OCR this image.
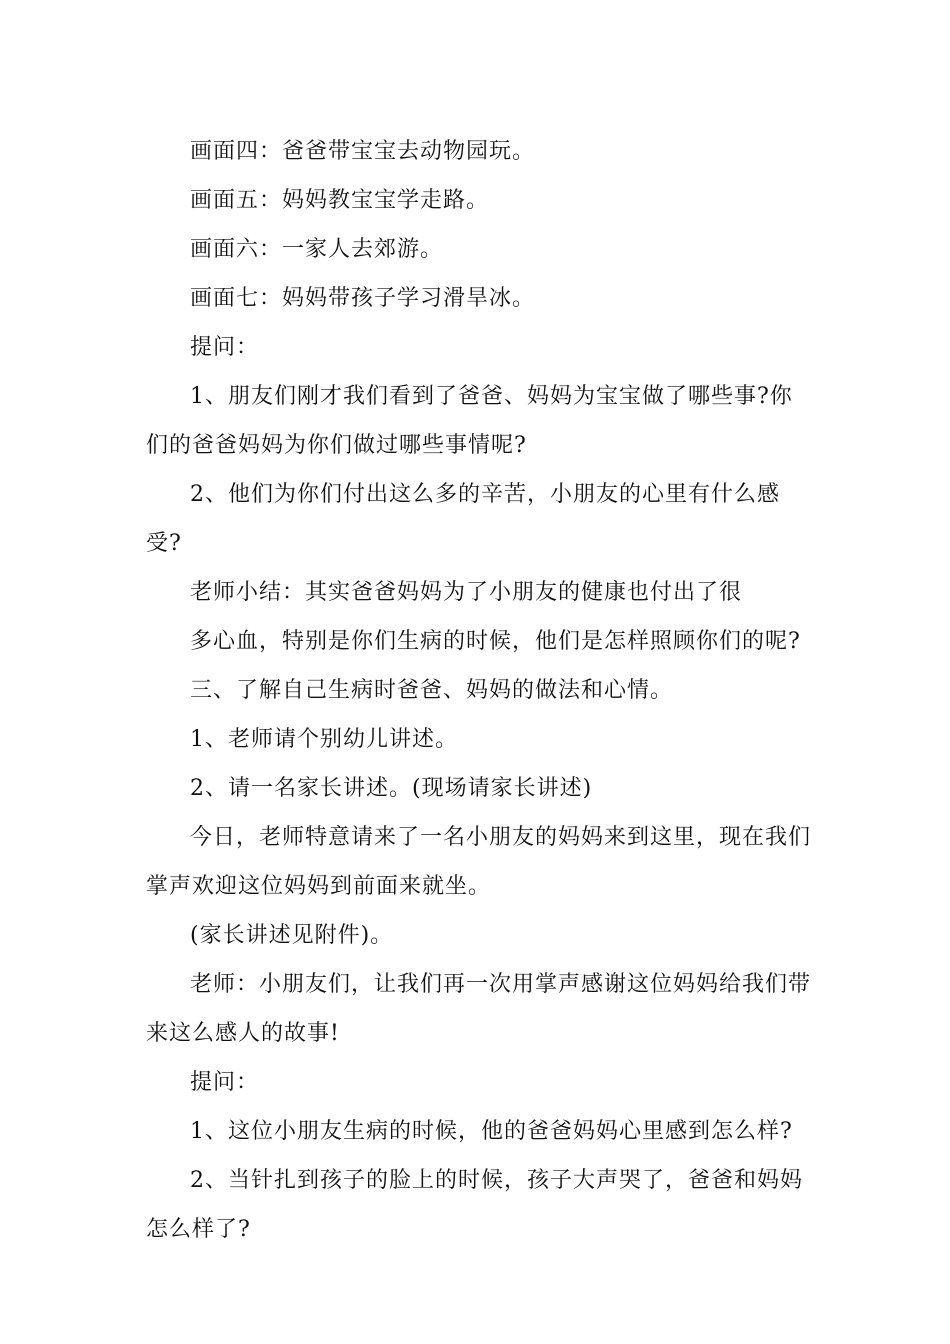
画面四：爸爸带宝宝去动物园玩。

画面五：妈妈教宝宝学走路。

画面六：一家人去郊游。

画面七：妈妈带孩子学习滑旱冰。

提问：

1、朋友们刚才我们看到了爸爸、妈妈为宝宝做了哪些事?你们的爸爸妈妈为你们做过哪些事情呢?

2、他们为你们付出这么多的辛苦，小朋友的心里有什么感受?

老师小结：其实爸爸妈妈为了小朋友的健康也付出了很

多心血，特别是你们生病的时候，他们是怎样照顾你们的呢?

三、了解自己生病时爸爸、妈妈的做法和心情。

1、老师请个别幼儿讲述。

2、请一名家长讲述。(现场请家长讲述)

今日，老师特意请来了一名小朋友的妈妈来到这里，现在我们掌声欢迎这位妈妈到前面来就坐。

(家长讲述见附件)。

老师：小朋友们，让我们再一次用掌声感谢这位妈妈给我们带来这么感人的故事!

提问：

1、这位小朋友生病的时候，他的爸爸妈妈心里感到怎么样?

2、当针扎到孩子的脸上的时候，孩子大声哭了，爸爸和妈妈怎么样了?
